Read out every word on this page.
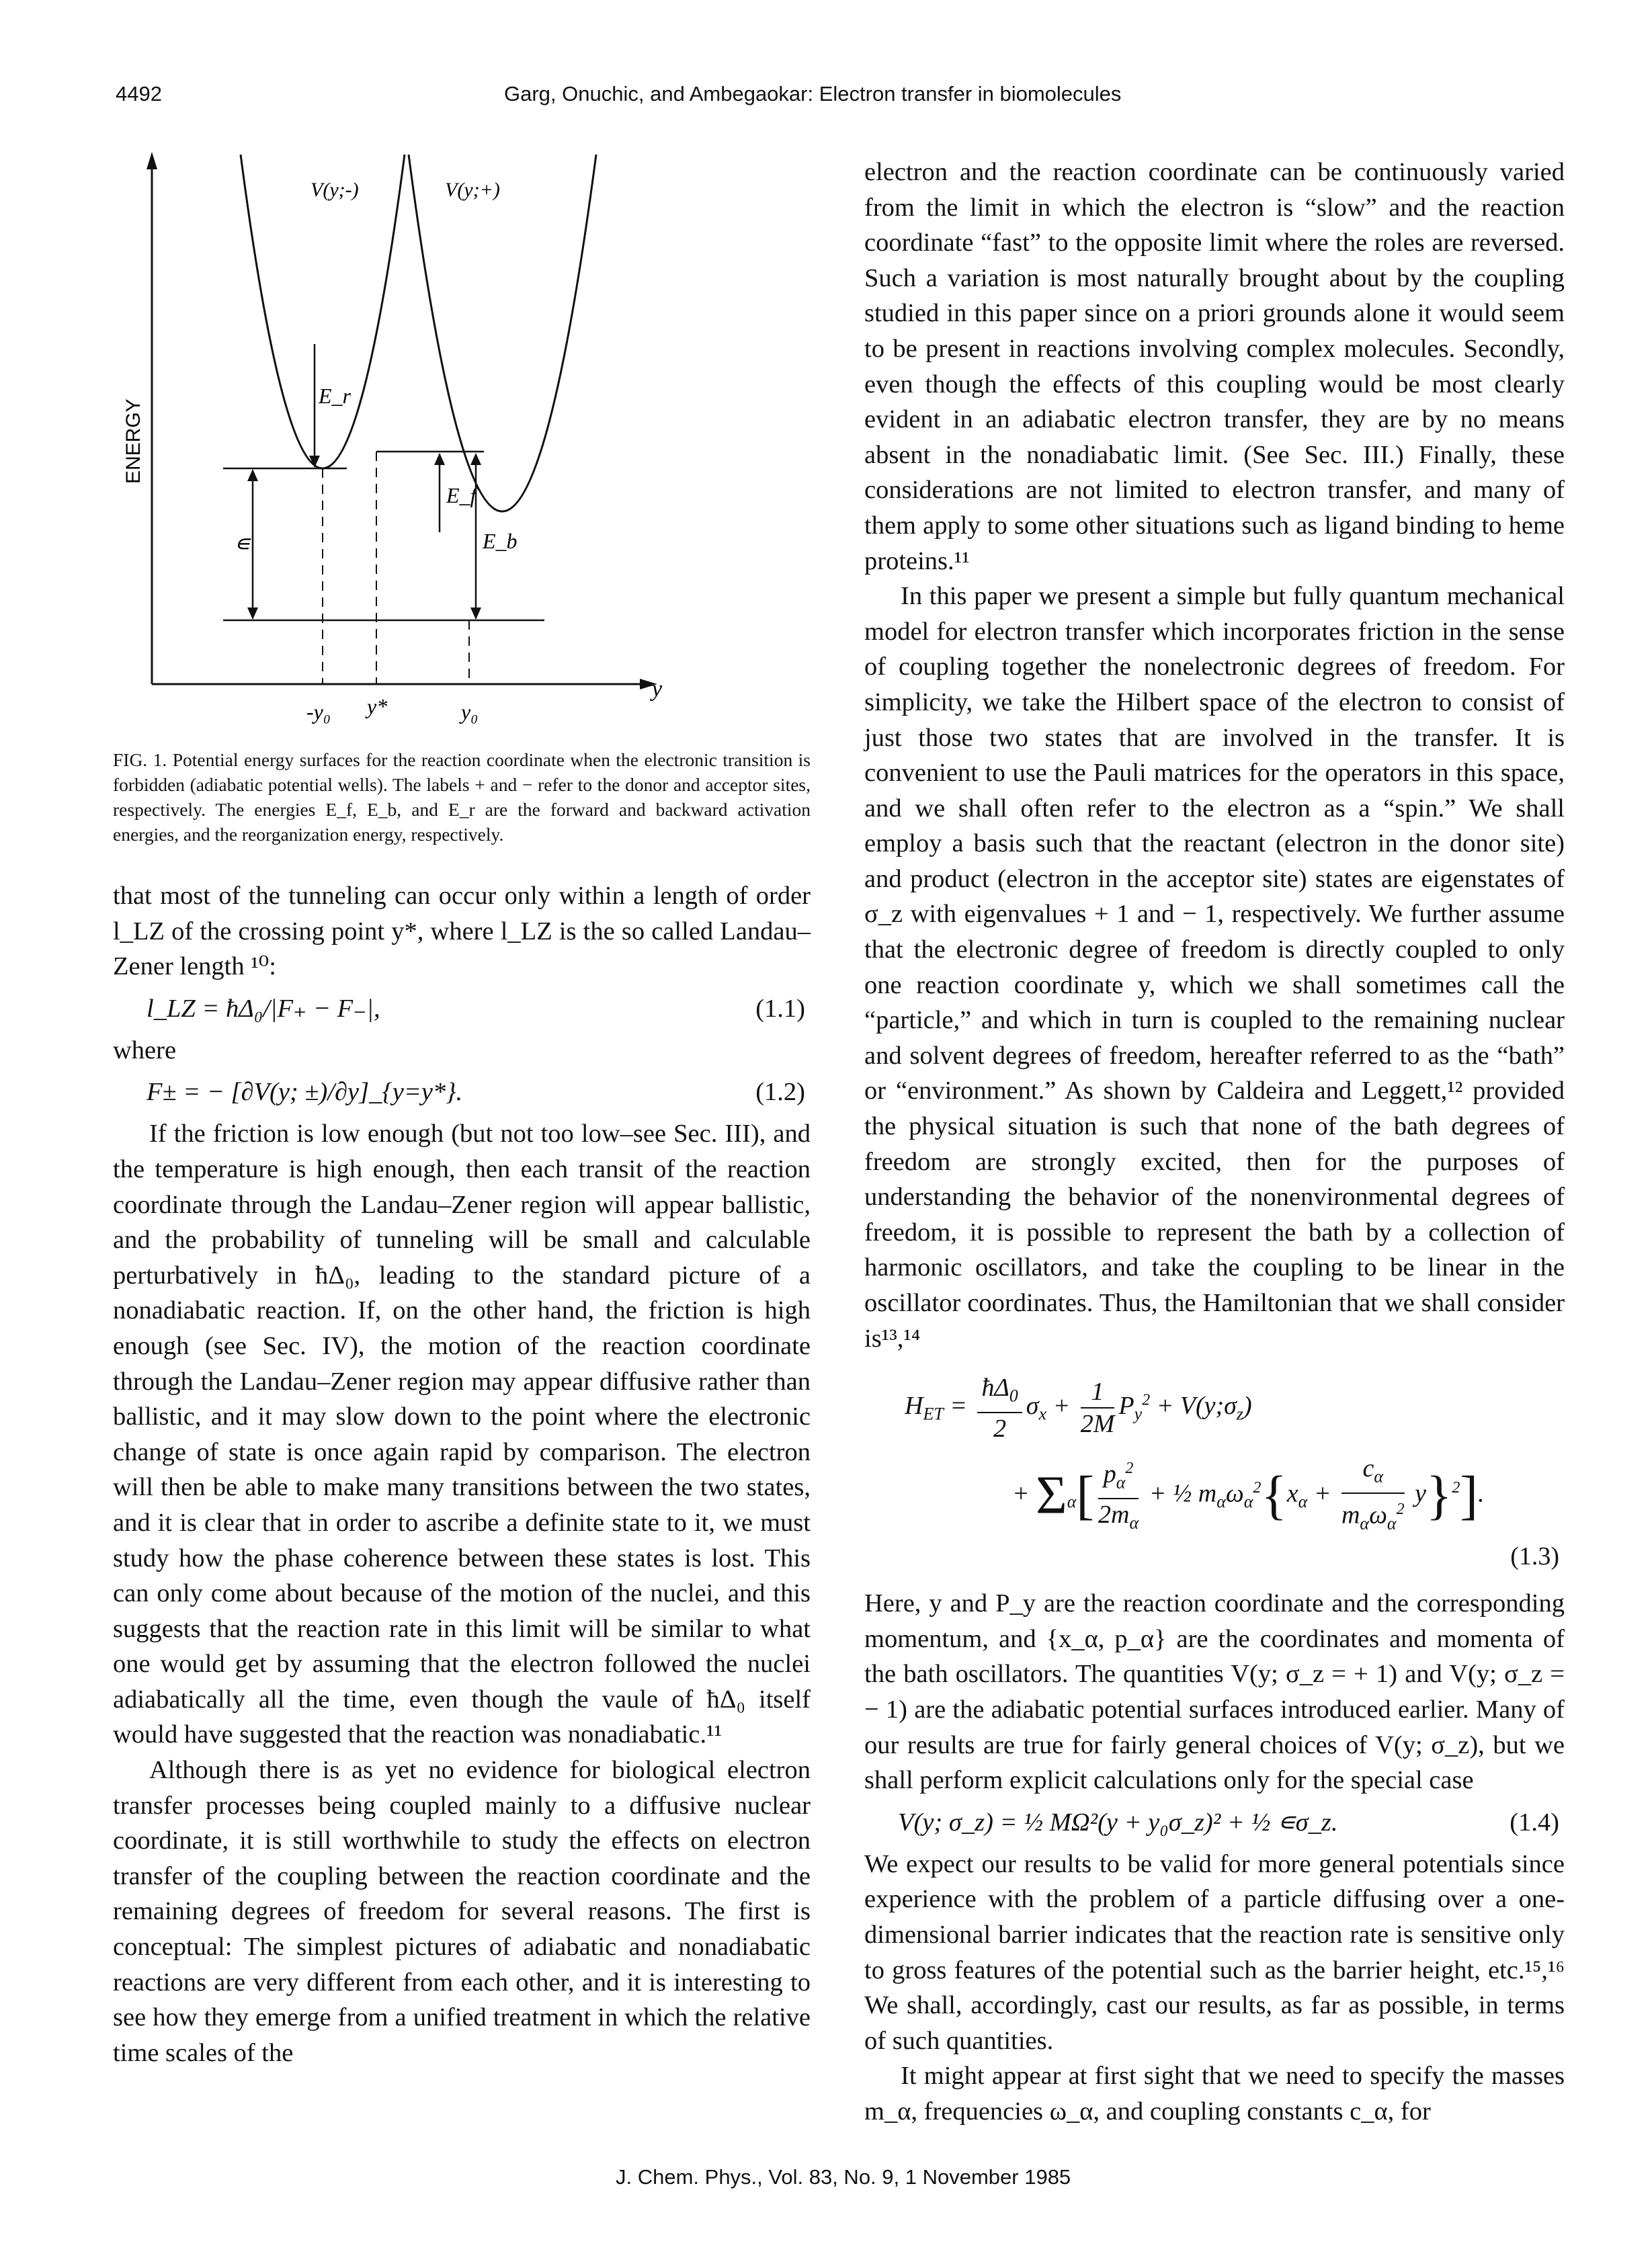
4492	Garg, Onuchic, and Ambegaokar: Electron transfer in biomolecules
ENERGY
y
V(y;-)	V(y;+)
∊
E_r
E_f
E_b
-y₀ y*	y₀
FIG. 1. Potential energy surfaces for the reaction coordinate when the electronic transition is forbidden (adiabatic potential wells). The labels + and − refer to the donor and acceptor sites, respectively. The energies E_f, E_b, and E_r are the forward and backward activation energies, and the reorganization energy, respectively.

that most of the tunneling can occur only within a length of order l_LZ of the crossing point y*, where l_LZ is the so called Landau–Zener length ¹⁰:

l_LZ = ħΔ₀/|F₊ − F₋|,	(1.1)

where

F± = − [∂V(y; ±)/∂y]_{y=y*}.	(1.2)

If the friction is low enough (but not too low–see Sec. III), and the temperature is high enough, then each transit of the reaction coordinate through the Landau–Zener region will appear ballistic, and the probability of tunneling will be small and calculable perturbatively in ħΔ₀, leading to the standard picture of a nonadiabatic reaction. If, on the other hand, the friction is high enough (see Sec. IV), the motion of the reaction coordinate through the Landau–Zener region may appear diffusive rather than ballistic, and it may slow down to the point where the electronic change of state is once again rapid by comparison. The electron will then be able to make many transitions between the two states, and it is clear that in order to ascribe a definite state to it, we must study how the phase coherence between these states is lost. This can only come about because of the motion of the nuclei, and this suggests that the reaction rate in this limit will be similar to what one would get by assuming that the electron followed the nuclei adiabatically all the time, even though the vaule of ħΔ₀ itself would have suggested that the reaction was nonadiabatic.¹¹

Although there is as yet no evidence for biological electron transfer processes being coupled mainly to a diffusive nuclear coordinate, it is still worthwhile to study the effects on electron transfer of the coupling between the reaction coordinate and the remaining degrees of freedom for several reasons. The first is conceptual: The simplest pictures of adiabatic and nonadiabatic reactions are very different from each other, and it is interesting to see how they emerge from a unified treatment in which the relative time scales of the

electron and the reaction coordinate can be continuously varied from the limit in which the electron is “slow” and the reaction coordinate “fast” to the opposite limit where the roles are reversed. Such a variation is most naturally brought about by the coupling studied in this paper since on a priori grounds alone it would seem to be present in reactions involving complex molecules. Secondly, even though the effects of this coupling would be most clearly evident in an adiabatic electron transfer, they are by no means absent in the nonadiabatic limit. (See Sec. III.) Finally, these considerations are not limited to electron transfer, and many of them apply to some other situations such as ligand binding to heme proteins.¹¹

In this paper we present a simple but fully quantum mechanical model for electron transfer which incorporates friction in the sense of coupling together the nonelectronic degrees of freedom. For simplicity, we take the Hilbert space of the electron to consist of just those two states that are involved in the transfer. It is convenient to use the Pauli matrices for the operators in this space, and we shall often refer to the electron as a “spin.” We shall employ a basis such that the reactant (electron in the donor site) and product (electron in the acceptor site) states are eigenstates of σ_z with eigenvalues + 1 and − 1, respectively. We further assume that the electronic degree of freedom is directly coupled to only one reaction coordinate y, which we shall sometimes call the “particle,” and which in turn is coupled to the remaining nuclear and solvent degrees of freedom, hereafter referred to as the “bath” or “environment.” As shown by Caldeira and Leggett,¹² provided the physical situation is such that none of the bath degrees of freedom are strongly excited, then for the purposes of understanding the behavior of the nonenvironmental degrees of freedom, it is possible to represent the bath by a collection of harmonic oscillators, and take the coupling to be linear in the oscillator coordinates. Thus, the Hamiltonian that we shall consider is¹³,¹⁴

$H_{ET} = \frac{ħ\Delta_0}{2} \sigma_x + \frac{1}{2M} P_y^2$ + $V(y;\sigma_z)$
+ $\Sigma_\alpha[ \frac{p_\alpha^2}{2m_\alpha}$ + ½ $m_\alpha\omega_\alpha^2\{x_\alpha + \frac{c_\alpha}{m_\alpha\omega_\alpha^2} y\}^2$].
(1.3)

Here, y and P_y are the reaction coordinate and the corresponding momentum, and {x_α, p_α} are the coordinates and momenta of the bath oscillators. The quantities V(y; σ_z = + 1) and V(y; σ_z = − 1) are the adiabatic potential surfaces introduced earlier. Many of our results are true for fairly general choices of V(y; σ_z), but we shall perform explicit calculations only for the special case

V(y; σ_z) = ½ MΩ²(y + y₀σ_z)² + ½ ∊σ_z.	(1.4)

We expect our results to be valid for more general potentials since experience with the problem of a particle diffusing over a one-dimensional barrier indicates that the reaction rate is sensitive only to gross features of the potential such as the barrier height, etc.¹⁵,¹⁶ We shall, accordingly, cast our results, as far as possible, in terms of such quantities.

It might appear at first sight that we need to specify the masses m_α, frequencies ω_α, and coupling constants c_α, for

J. Chem. Phys., Vol. 83, No. 9, 1 November 1985
